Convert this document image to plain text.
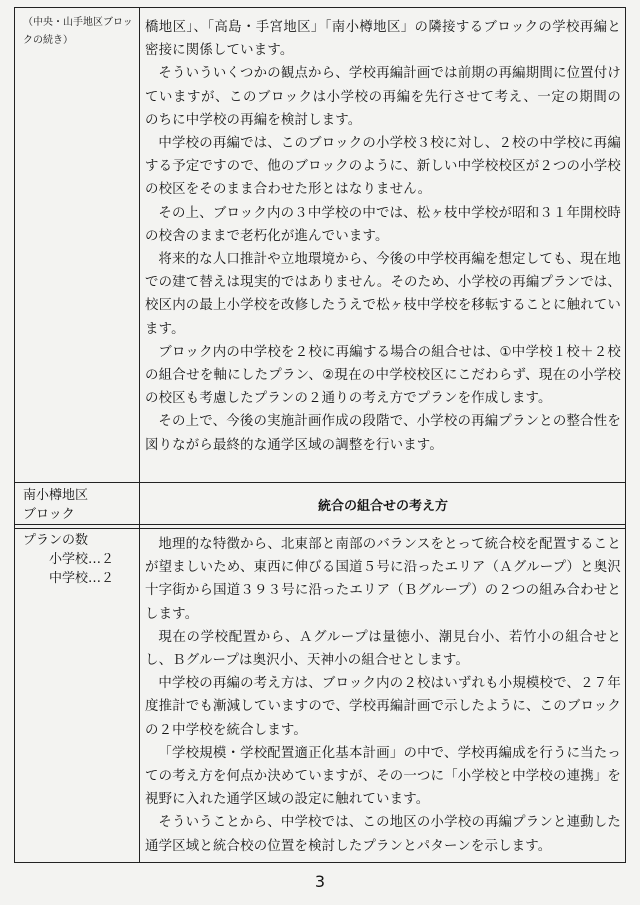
（中央・山手地区ブロックの続き）

橋地区」、「高島・手宮地区」「南小樽地区」の隣接するブロックの学校再編と密接に関係しています。

そういういくつかの観点から、学校再編計画では前期の再編期間に位置付けていますが、このブロックは小学校の再編を先行させて考え、一定の期間ののちに中学校の再編を検討します。

中学校の再編では、このブロックの小学校３校に対し、２校の中学校に再編する予定ですので、他のブロックのように、新しい中学校校区が２つの小学校の校区をそのまま合わせた形とはなりません。

その上、ブロック内の３中学校の中では、松ヶ枝中学校が昭和３１年開校時の校舎のままで老朽化が進んでいます。

将来的な人口推計や立地環境から、今後の中学校再編を想定しても、現在地での建て替えは現実的ではありません。そのため、小学校の再編プランでは、校区内の最上小学校を改修したうえで松ヶ枝中学校を移転することに触れています。

ブロック内の中学校を２校に再編する場合の組合せは、①中学校１校＋２校の組合せを軸にしたプラン、②現在の中学校校区にこだわらず、現在の小学校の校区も考慮したプランの２通りの考え方でプランを作成します。

その上で、今後の実施計画作成の段階で、小学校の再編プランとの整合性を図りながら最終的な通学区域の調整を行います。

南小樽地区
ブロック
統合の組合せの考え方
プランの数
小学校…２
中学校…２

地理的な特徴から、北東部と南部のバランスをとって統合校を配置することが望ましいため、東西に伸びる国道５号に沿ったエリア（Ａグループ）と奥沢十字街から国道３９３号に沿ったエリア（Ｂグループ）の２つの組み合わせとします。

現在の学校配置から、Ａグループは量徳小、潮見台小、若竹小の組合せとし、Ｂグループは奥沢小、天神小の組合せとします。

中学校の再編の考え方は、ブロック内の２校はいずれも小規模校で、２７年度推計でも漸減していますので、学校再編計画で示したように、このブロックの２中学校を統合します。

「学校規模・学校配置適正化基本計画」の中で、学校再編成を行うに当たっての考え方を何点か決めていますが、その一つに「小学校と中学校の連携」を視野に入れた通学区域の設定に触れています。

そういうことから、中学校では、この地区の小学校の再編プランと連動した通学区域と統合校の位置を検討したプランとパターンを示します。

3
